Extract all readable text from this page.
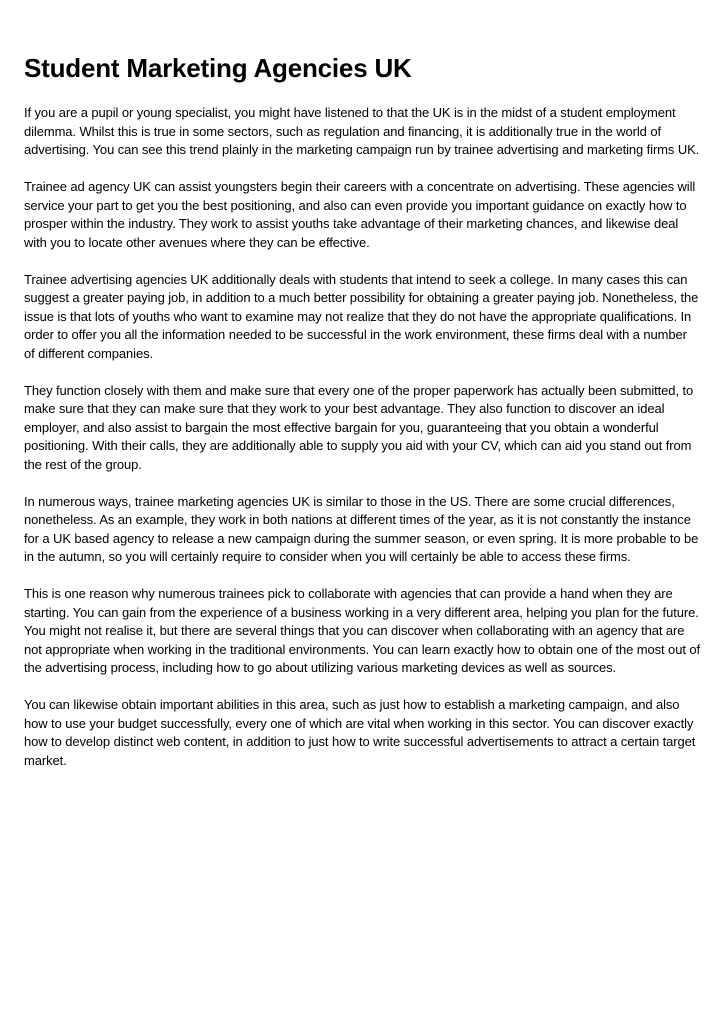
Student Marketing Agencies UK

If you are a pupil or young specialist, you might have listened to that the UK is in the midst of a student employment dilemma. Whilst this is true in some sectors, such as regulation and financing, it is additionally true in the world of advertising. You can see this trend plainly in the marketing campaign run by trainee advertising and marketing firms UK.

Trainee ad agency UK can assist youngsters begin their careers with a concentrate on advertising. These agencies will service your part to get you the best positioning, and also can even provide you important guidance on exactly how to prosper within the industry. They work to assist youths take advantage of their marketing chances, and likewise deal with you to locate other avenues where they can be effective.

Trainee advertising agencies UK additionally deals with students that intend to seek a college. In many cases this can suggest a greater paying job, in addition to a much better possibility for obtaining a greater paying job. Nonetheless, the issue is that lots of youths who want to examine may not realize that they do not have the appropriate qualifications. In order to offer you all the information needed to be successful in the work environment, these firms deal with a number of different companies.

They function closely with them and make sure that every one of the proper paperwork has actually been submitted, to make sure that they can make sure that they work to your best advantage. They also function to discover an ideal employer, and also assist to bargain the most effective bargain for you, guaranteeing that you obtain a wonderful positioning. With their calls, they are additionally able to supply you aid with your CV, which can aid you stand out from the rest of the group.

In numerous ways, trainee marketing agencies UK is similar to those in the US. There are some crucial differences, nonetheless. As an example, they work in both nations at different times of the year, as it is not constantly the instance for a UK based agency to release a new campaign during the summer season, or even spring. It is more probable to be in the autumn, so you will certainly require to consider when you will certainly be able to access these firms.

This is one reason why numerous trainees pick to collaborate with agencies that can provide a hand when they are starting. You can gain from the experience of a business working in a very different area, helping you plan for the future. You might not realise it, but there are several things that you can discover when collaborating with an agency that are not appropriate when working in the traditional environments. You can learn exactly how to obtain one of the most out of the advertising process, including how to go about utilizing various marketing devices as well as sources.

You can likewise obtain important abilities in this area, such as just how to establish a marketing campaign, and also how to use your budget successfully, every one of which are vital when working in this sector. You can discover exactly how to develop distinct web content, in addition to just how to write successful advertisements to attract a certain target market.
